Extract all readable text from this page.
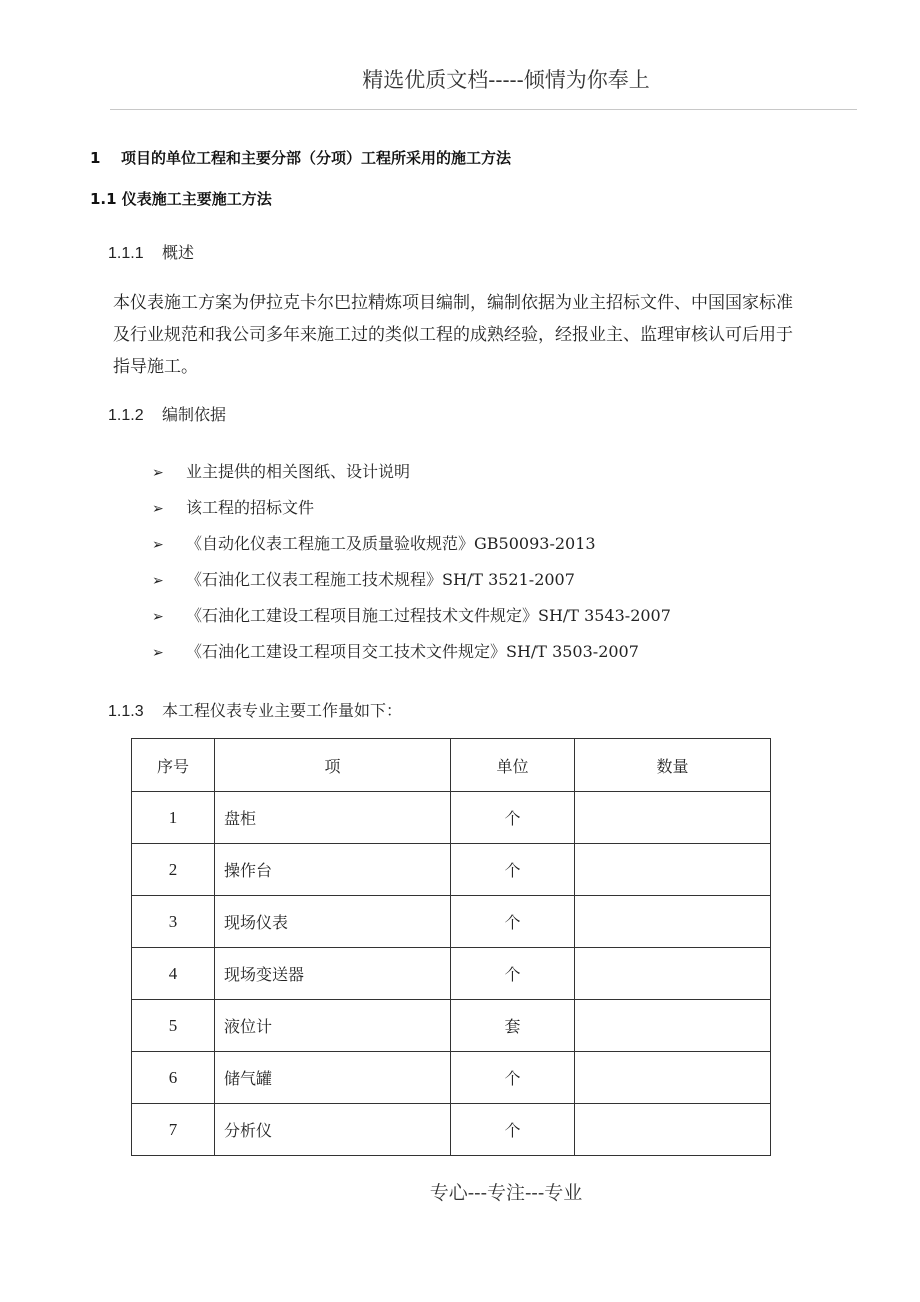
精选优质文档-----倾情为你奉上
1 项目的单位工程和主要分部（分项）工程所采用的施工方法
1.1 仪表施工主要施工方法
1.1.1 概述
本仪表施工方案为伊拉克卡尔巴拉精炼项目编制，编制依据为业主招标文件、中国国家标准
及行业规范和我公司多年来施工过的类似工程的成熟经验，经报业主、监理审核认可后用于
指导施工。
1.1.2 编制依据
➢ 业主提供的相关图纸、设计说明
➢ 该工程的招标文件
➢ 《自动化仪表工程施工及质量验收规范》GB50093-2013
➢ 《石油化工仪表工程施工技术规程》SH/T 3521-2007
➢ 《石油化工建设工程项目施工过程技术文件规定》SH/T 3543-2007
➢ 《石油化工建设工程项目交工技术文件规定》SH/T 3503-2007
1.1.3 本工程仪表专业主要工作量如下：
序号	项	单位	数量
1	盘柜	个	
2	操作台	个	
3	现场仪表	个	
4	现场变送器	个	
5	液位计	套	
6	储气罐	个	
7	分析仪	个	
专心---专注---专业
